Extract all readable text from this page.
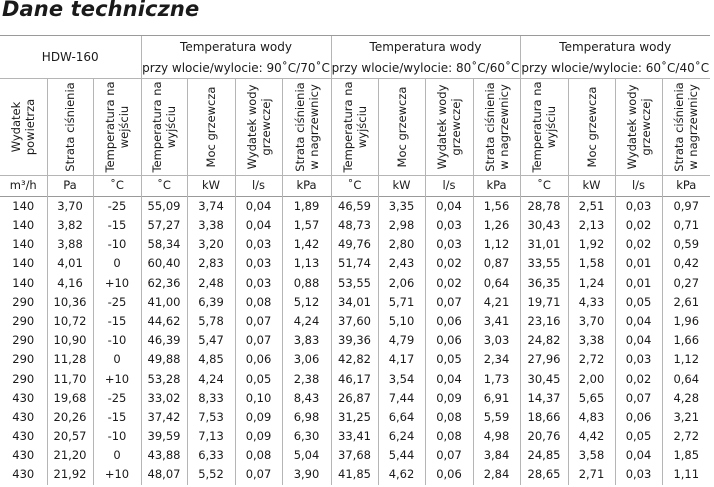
Dane techniczne
HDW-160			Temperatura wody				Temperatura wody				Temperatura wody			
			przy wlocie/wylocie: 90˚C/70˚C				przy wlocie/wylocie: 80˚C/60˚C				przy wlocie/wylocie: 60˚C/40˚C			

Wydatek powietrza	Strata ciśnienia	Temperatura na wejściu	Temperatura na wyjściu	Moc grzewcza	Wydatek wody grzewczej	Strata ciśnienia w nagrzewnicy	Temperatura na wyjściu	Moc grzewcza	Wydatek wody grzewczej	Strata ciśnienia w nagrzewnicy	Temperatura na wyjściu	Moc grzewcza	Wydatek wody grzewczej	Strata ciśnienia w nagrzewnicy

m³/h	Pa	˚C	˚C	kW	l/s	kPa	˚C	kW	l/s	kPa	˚C	kW	l/s	kPa
140	3,70	-25	55,09	3,74	0,04	1,89	46,59	3,35	0,04	1,56	28,78	2,51	0,03	0,97
140	3,82	-15	57,27	3,38	0,04	1,57	48,73	2,98	0,03	1,26	30,43	2,13	0,02	0,71
140	3,88	-10	58,34	3,20	0,03	1,42	49,76	2,80	0,03	1,12	31,01	1,92	0,02	0,59
140	4,01	0	60,40	2,83	0,03	1,13	51,74	2,43	0,02	0,87	33,55	1,58	0,01	0,42
140	4,16	+10	62,36	2,48	0,03	0,88	53,55	2,06	0,02	0,64	36,35	1,24	0,01	0,27
290	10,36	-25	41,00	6,39	0,08	5,12	34,01	5,71	0,07	4,21	19,71	4,33	0,05	2,61
290	10,72	-15	44,62	5,78	0,07	4,24	37,60	5,10	0,06	3,41	23,16	3,70	0,04	1,96
290	10,90	-10	46,39	5,47	0,07	3,83	39,36	4,79	0,06	3,03	24,82	3,38	0,04	1,66
290	11,28	0	49,88	4,85	0,06	3,06	42,82	4,17	0,05	2,34	27,96	2,72	0,03	1,12
290	11,70	+10	53,28	4,24	0,05	2,38	46,17	3,54	0,04	1,73	30,45	2,00	0,02	0,64
430	19,68	-25	33,02	8,33	0,10	8,43	26,87	7,44	0,09	6,91	14,37	5,65	0,07	4,28
430	20,26	-15	37,42	7,53	0,09	6,98	31,25	6,64	0,08	5,59	18,66	4,83	0,06	3,21
430	20,57	-10	39,59	7,13	0,09	6,30	33,41	6,24	0,08	4,98	20,76	4,42	0,05	2,72
430	21,20	0	43,88	6,33	0,08	5,04	37,68	5,44	0,07	3,84	24,85	3,58	0,04	1,85
430	21,92	+10	48,07	5,52	0,07	3,90	41,85	4,62	0,06	2,84	28,65	2,71	0,03	1,11
